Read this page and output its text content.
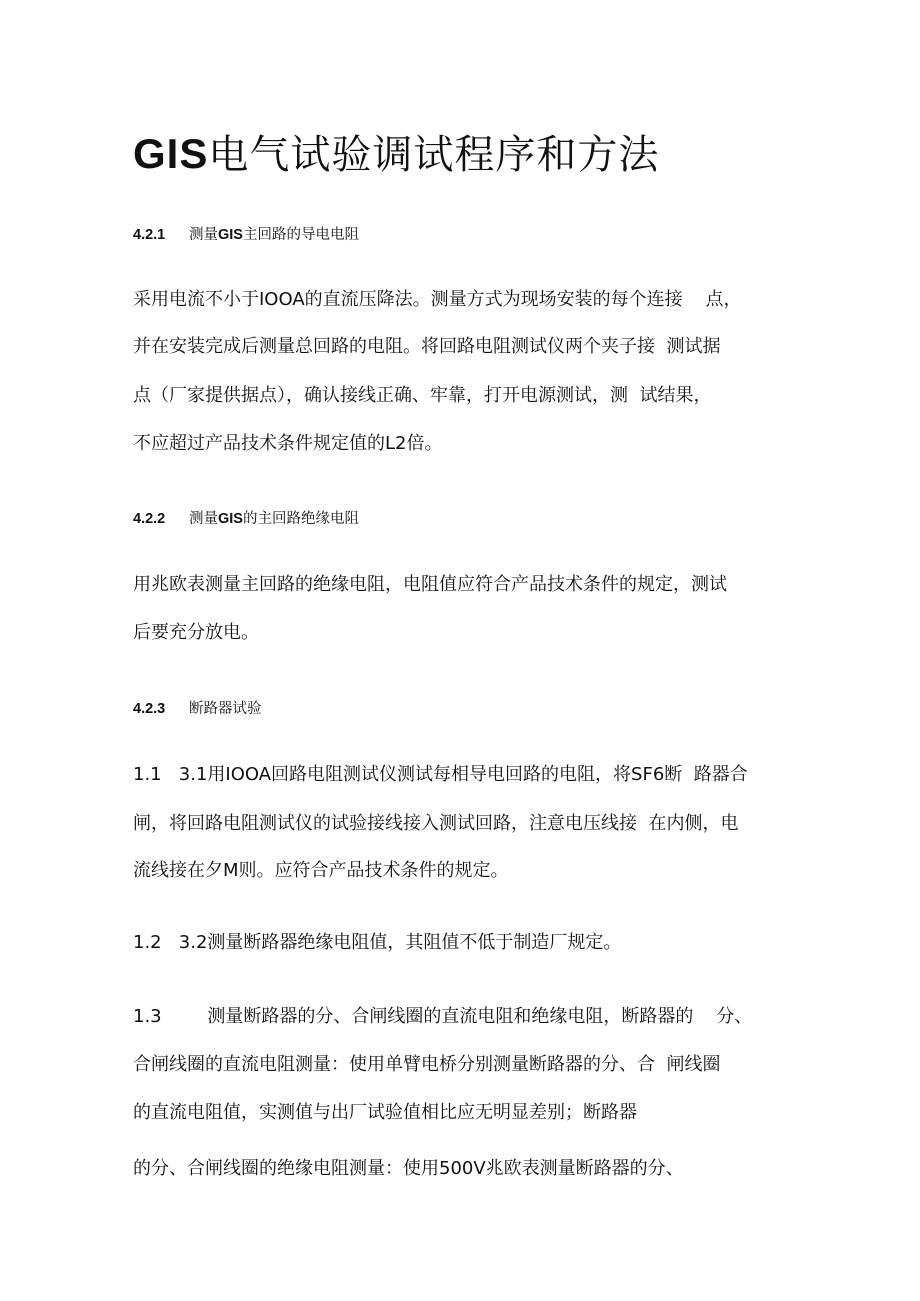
GIS电气试验调试程序和方法
4.2.1 测量GIS主回路的导电电阻

采用电流不小于IOOA的直流压降法。测量方式为现场安装的每个连接    点，

并在安装完成后测量总回路的电阻。将回路电阻测试仪两个夹子接  测试据

点（厂家提供据点），确认接线正确、牢靠，打开电源测试，测  试结果，

不应超过产品技术条件规定值的L2倍。

4.2.2 测量GIS的主回路绝缘电阻

用兆欧表测量主回路的绝缘电阻，电阻值应符合产品技术条件的规定，测试

后要充分放电。

4.2.3 断路器试验

1.1   3.1用IOOA回路电阻测试仪测试每相导电回路的电阻，将SF6断  路器合

闸，将回路电阻测试仪的试验接线接入测试回路，注意电压线接  在内侧，电

流线接在夕M则。应符合产品技术条件的规定。

1.2   3.2测量断路器绝缘电阻值，其阻值不低于制造厂规定。

1.3        测量断路器的分、合闸线圈的直流电阻和绝缘电阻，断路器的    分、

合闸线圈的直流电阻测量：使用单臂电桥分别测量断路器的分、合  闸线圈

的直流电阻值，实测值与出厂试验值相比应无明显差别；断路器

的分、合闸线圈的绝缘电阻测量：使用500V兆欧表测量断路器的分、
